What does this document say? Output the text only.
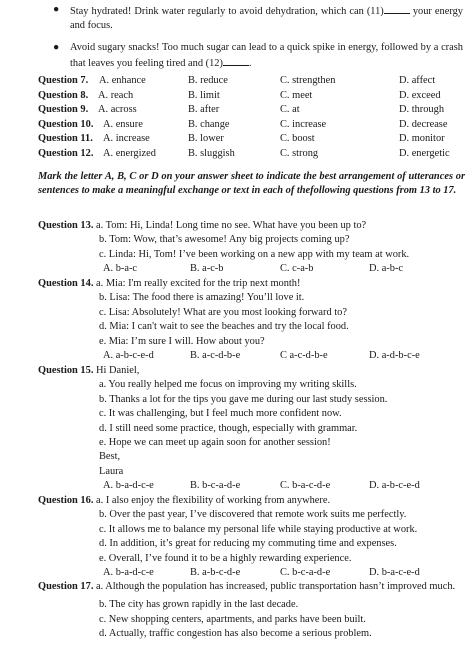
● Stay hydrated! Drink water regularly to avoid dehydration, which can (11)	your energy and focus.
● Avoid sugary snacks! Too much sugar can lead to a quick spike in energy, followed by a crash that leaves you feeling tired and (12)	.
Question 7. A. enhance	B. reduce	C. strengthen	D. affect
Question 8. A. reach	B. limit	C. meet	D. exceed
Question 9. A. across	B. after	C. at	D. through
Question 10. A. ensure	B. change	C. increase	D. decrease
Question 11. A. increase	B. lower	C. boost	D. monitor
Question 12. A. energized	B. sluggish	C. strong	D. energetic
Mark the letter A, B, C or D on your answer sheet to indicate the best arrangement of utterances or sentences to make a meaningful exchange or text in each of thefollowing questions from 13 to 17.
Question 13. a. Tom: Hi, Linda! Long time no see. What have you been up to?
b. Tom: Wow, that’s awesome! Any big projects coming up?
c. Linda: Hi, Tom! I’ve been working on a new app with my team at work.
A. b-a-c	B. a-c-b	C. c-a-b	D. a-b-c
Question 14. a. Mia: I'm really excited for the trip next month!
b. Lisa: The food there is amazing! You’ll love it.
c. Lisa: Absolutely! What are you most looking forward to?
d. Mia: I can't wait to see the beaches and try the local food.
e. Mia: I’m sure I will. How about you?
A. a-b-c-e-d	B. a-c-d-b-e	C a-c-d-b-e	D. a-d-b-c-e
Question 15. Hi Daniel,
a. You really helped me focus on improving my writing skills.
b. Thanks a lot for the tips you gave me during our last study session.
c. It was challenging, but I feel much more confident now.
d. I still need some practice, though, especially with grammar.
e. Hope we can meet up again soon for another session!
Best,
Laura
A. b-a-d-c-e	B. b-c-a-d-e	C. b-a-c-d-e	D. a-b-c-e-d
Question 16. a. I also enjoy the flexibility of working from anywhere.
b. Over the past year, I’ve discovered that remote work suits me perfectly.
c. It allows me to balance my personal life while staying productive at work.
d. In addition, it’s great for reducing my commuting time and expenses.
e. Overall, I’ve found it to be a highly rewarding experience.
A. b-a-d-c-e	B. a-b-c-d-e	C. b-c-a-d-e	D. b-a-c-e-d
Question 17. a. Although the population has increased, public transportation hasn’t improved much.
b. The city has grown rapidly in the last decade.
c. New shopping centers, apartments, and parks have been built.
d. Actually, traffic congestion has also become a serious problem.
